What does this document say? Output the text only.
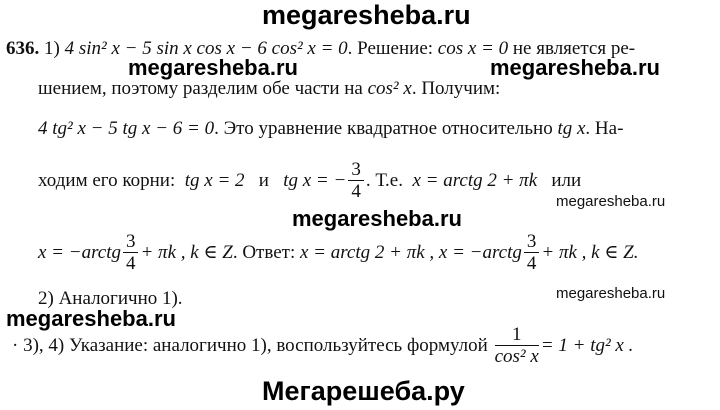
megaresheba.ru
636. 1) 4 sin² x − 5 sin x cos x − 6 cos² x = 0. Решение: cos x = 0 не является ре-
megaresheba.ru	megaresheba.ru
шением, поэтому разделим обе части на cos² x. Получим:
4 tg² x − 5 tg x − 6 = 0. Это уравнение квадратное относительно tg x. На-
ходим его корни: tg x = 2 и tg x = − $\frac{3}{4}$ . Т.е. x = arctg 2 + πk или
megaresheba.ru
megaresheba.ru
x = −arctg $\frac{3}{4} + \pi k$ , k ∈ Z. Ответ: x = arctg 2 + πk , x = −arctg $\frac{3}{4} + \pi k$ , k ∈ Z.
2) Аналогично 1).	megaresheba.ru
megaresheba.ru
· 3), 4) Указание: аналогично 1), воспользуйтесь формулой $\frac{1}{\text{cos² x}} = 1 + tg^2$ x .
Мегарешеба.ру
